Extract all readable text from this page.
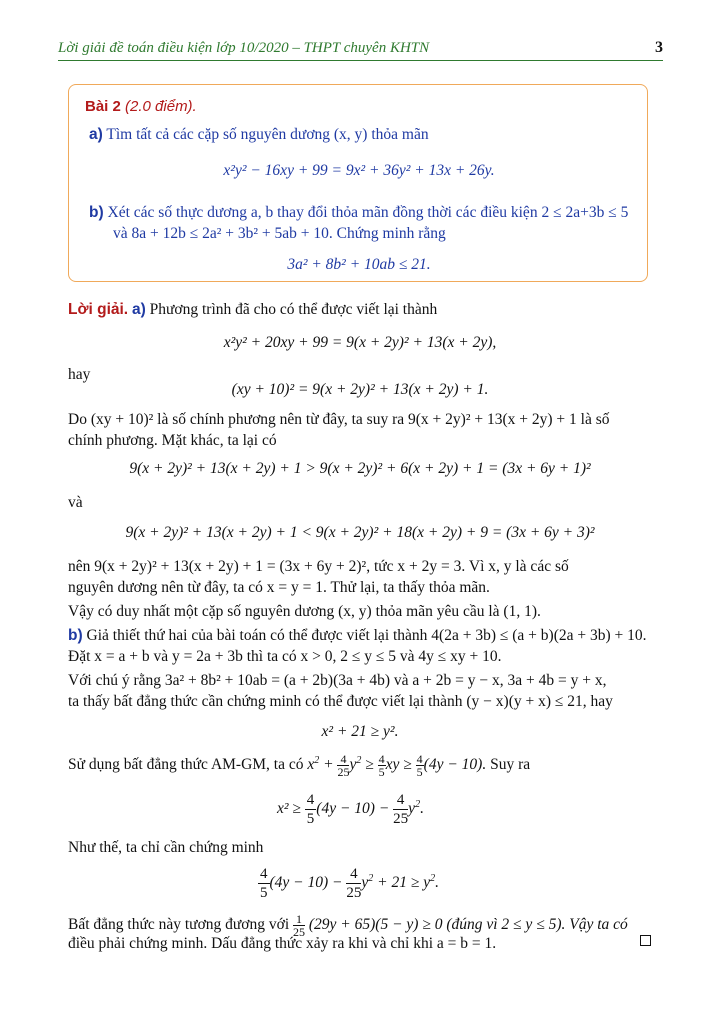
Lời giải đề toán điều kiện lớp 10/2020 – THPT chuyên KHTN	3
Bài 2 (2.0 điểm).
a) Tìm tất cả các cặp số nguyên dương (x, y) thỏa mãn
x²y² − 16xy + 99 = 9x² + 36y² + 13x + 26y.
b) Xét các số thực dương a, b thay đổi thỏa mãn đồng thời các điều kiện 2 ≤ 2a+3b ≤ 5
và 8a + 12b ≤ 2a² + 3b² + 5ab + 10. Chứng minh rằng
3a² + 8b² + 10ab ≤ 21.
Lời giải. a) Phương trình đã cho có thể được viết lại thành
x²y² + 20xy + 99 = 9(x + 2y)² + 13(x + 2y),
hay
(xy + 10)² = 9(x + 2y)² + 13(x + 2y) + 1.
Do (xy + 10)² là số chính phương nên từ đây, ta suy ra 9(x + 2y)² + 13(x + 2y) + 1 là số
chính phương. Mặt khác, ta lại có
9(x + 2y)² + 13(x + 2y) + 1 > 9(x + 2y)² + 6(x + 2y) + 1 = (3x + 6y + 1)²
và
9(x + 2y)² + 13(x + 2y) + 1 < 9(x + 2y)² + 18(x + 2y) + 9 = (3x + 6y + 3)²
nên 9(x + 2y)² + 13(x + 2y) + 1 = (3x + 6y + 2)², tức x + 2y = 3. Vì x, y là các số
nguyên dương nên từ đây, ta có x = y = 1. Thử lại, ta thấy thỏa mãn.
Vậy có duy nhất một cặp số nguyên dương (x, y) thỏa mãn yêu cầu là (1, 1).
b) Giả thiết thứ hai của bài toán có thể được viết lại thành 4(2a + 3b) ≤ (a + b)(2a + 3b) + 10.
Đặt x = a + b và y = 2a + 3b thì ta có x > 0, 2 ≤ y ≤ 5 và 4y ≤ xy + 10.
Với chú ý rằng 3a² + 8b² + 10ab = (a + 2b)(3a + 4b) và a + 2b = y − x, 3a + 4b = y + x,
ta thấy bất đẳng thức cần chứng minh có thể được viết lại thành (y − x)(y + x) ≤ 21, hay
x² + 21 ≥ y².
Sử dụng bất đẳng thức AM-GM, ta có $x^2 + \frac{4}{25} y^2 \ge \frac{4}{5}$ xy ≥ $\frac{4}{5} (4y - 10)$. Suy ra
$x^2 \ge \frac{4}{5} (4y - 10) - \frac{4}{25} y^2$.
Như thế, ta chỉ cần chứng minh
$\frac{4}{5} (4y - 10) - \frac{4}{25} y^2 + 21 \ge y^2$.
Bất đẳng thức này tương đương với $\frac{1}{25} (29y + 65)(5 - y) \ge 0$ (đúng vì 2 ≤ y ≤ 5). Vậy ta có
điều phải chứng minh. Dấu đẳng thức xảy ra khi và chỉ khi a = b = 1.
